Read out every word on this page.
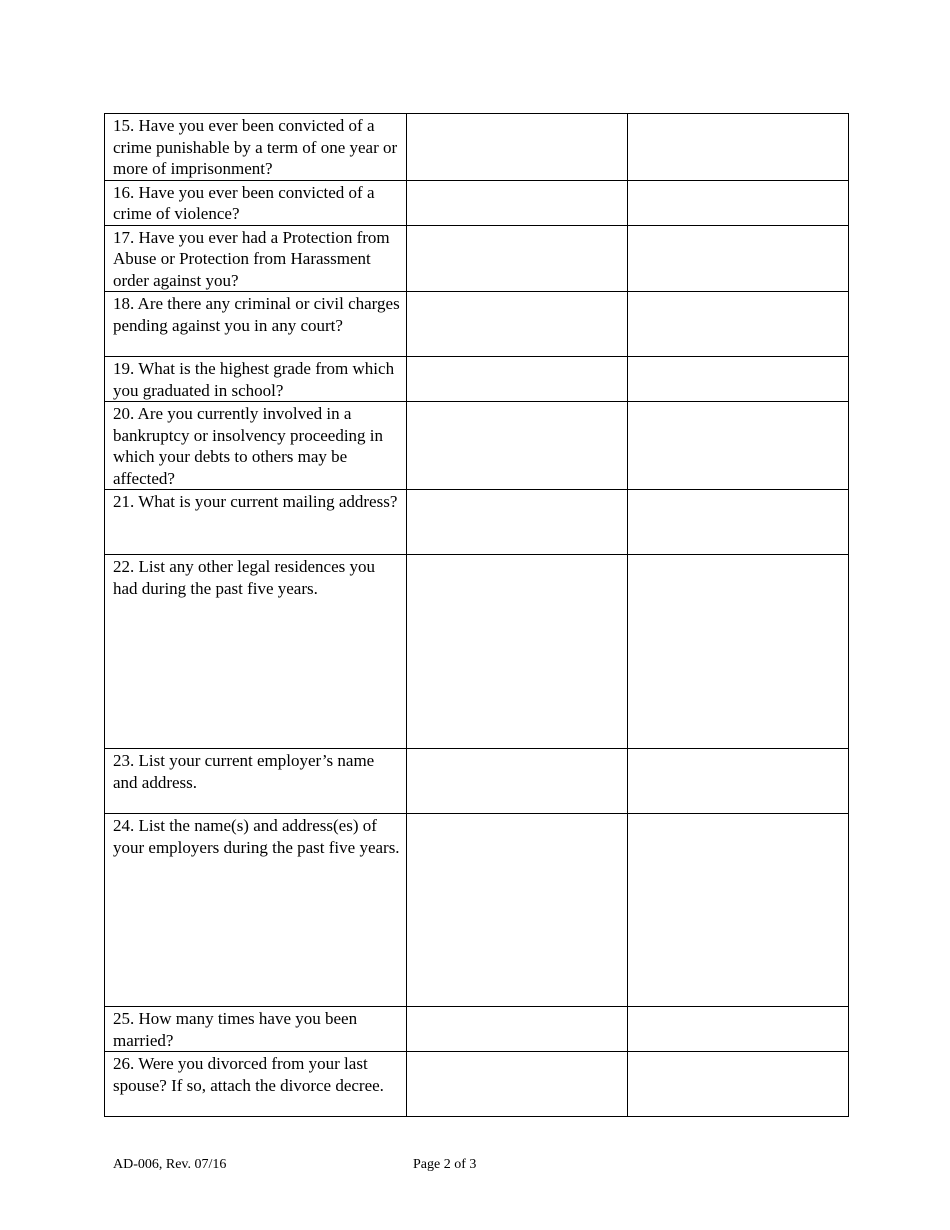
15. Have you ever been convicted of a crime punishable by a term of one year or more of imprisonment?		

16. Have you ever been convicted of a crime of violence?		

17. Have you ever had a Protection from Abuse or Protection from Harassment order against you?		

18. Are there any criminal or civil charges pending against you in any court?		

19. What is the highest grade from which you graduated in school?		

20. Are you currently involved in a bankruptcy or insolvency proceeding in which your debts to others may be affected?		

21. What is your current mailing address?		

22. List any other legal residences you had during the past five years.		

23. List your current employer’s name and address.		

24. List the name(s) and address(es) of your employers during the past five years.		

25. How many times have you been married?		

26. Were you divorced from your last spouse? If so, attach the divorce decree.		

AD-006, Rev. 07/16	Page 2 of 3
